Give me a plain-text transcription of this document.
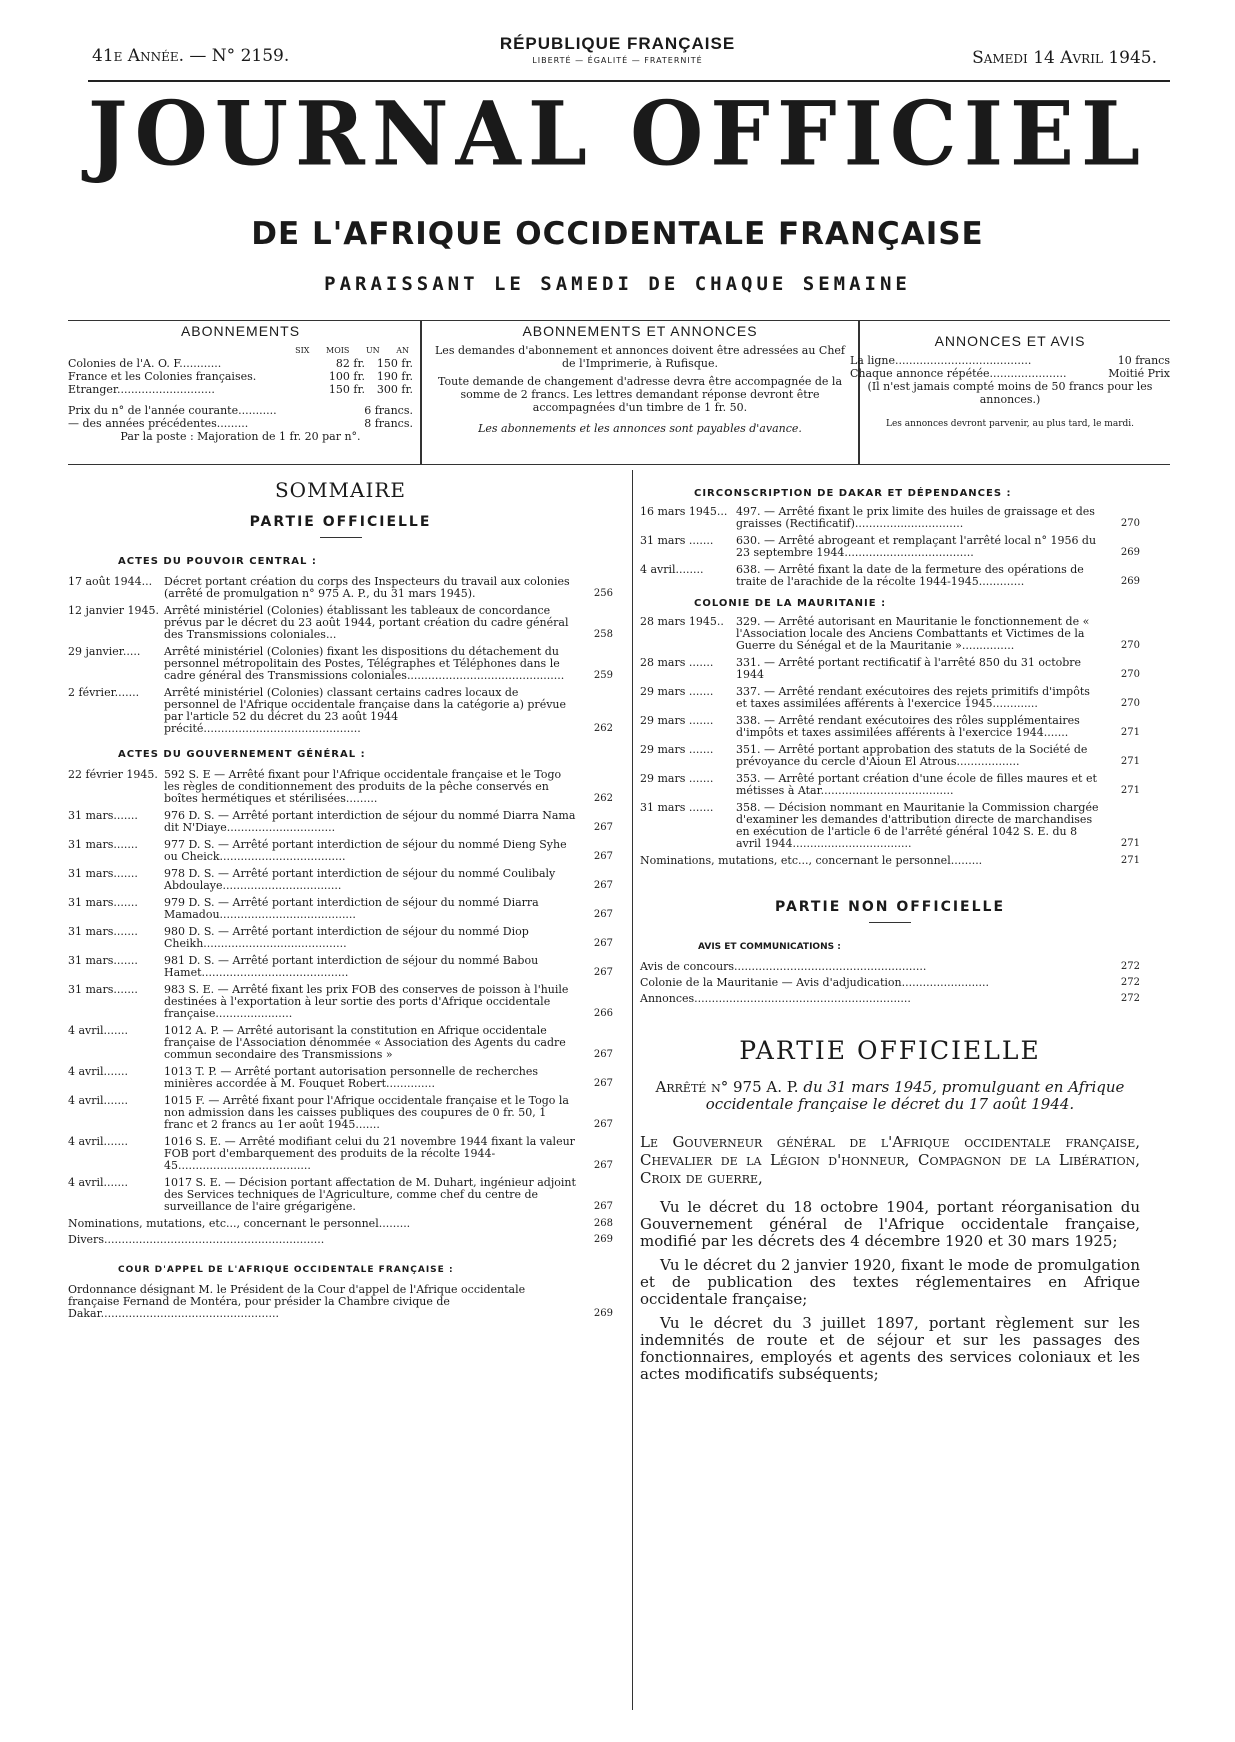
41e Année. — N° 2159.
RÉPUBLIQUE FRANÇAISE
LIBERTÉ — ÉGALITÉ — FRATERNITÉ	Samedi 14 Avril 1945.
JOURNAL OFFICIEL
DE L'AFRIQUE OCCIDENTALE FRANÇAISE
PARAISSANT LE SAMEDI DE CHAQUE SEMAINE
ABONNEMENTS
SIX MOIS UN AN
Colonies de l'A. O. F............	82 fr.	150 fr.
France et les Colonies françaises.	100 fr.	190 fr.
Etranger............................	150 fr.	300 fr.
Prix du n° de l'année courante...........	6 francs.
— des années précédentes.........	8 francs.
Par la poste : Majoration de 1 fr. 20 par n°.
ABONNEMENTS ET ANNONCES
Les demandes d'abonnement et annonces doivent être adressées au Chef de l'Imprimerie, à Rufisque.
Toute demande de changement d'adresse devra être accompagnée de la somme de 2 francs. Les lettres demandant réponse devront être accompagnées d'un timbre de 1 fr. 50.
Les abonnements et les annonces sont payables d'avance.
ANNONCES ET AVIS
La ligne.......................................	10 francs
Chaque annonce répétée......................	Moitié Prix
(Il n'est jamais compté moins de 50 francs pour les annonces.)
Les annonces devront parvenir, au plus tard, le mardi.
SOMMAIRE
PARTIE OFFICIELLE
ACTES DU POUVOIR CENTRAL :
17 août 1944...	Décret portant création du corps des Inspecteurs du travail aux colonies (arrêté de promulgation n° 975 A. P., du 31 mars 1945).	256
12 janvier 1945. Arrêté ministériel (Colonies) établissant les tableaux de concordance prévus par le décret du 23 août 1944, portant création du cadre général des Transmissions coloniales...	258
29 janvier.....	Arrêté ministériel (Colonies) fixant les dispositions du détachement du personnel métropolitain des Postes, Télégraphes et Téléphones dans le cadre général des Transmissions coloniales.............................................	259
2 février.......	Arrêté ministériel (Colonies) classant certains cadres locaux de personnel de l'Afrique occidentale française dans la catégorie a) prévue par l'article 52 du décret du 23 août 1944 précité.............................................	262
ACTES DU GOUVERNEMENT GÉNÉRAL :
22 février 1945. 592 S. E — Arrêté fixant pour l'Afrique occidentale française et le Togo les règles de conditionnement des produits de la pêche conservés en boîtes hermétiques et stérilisées.........	262
31 mars.......	976 D. S. — Arrêté portant interdiction de séjour du nommé Diarra Nama dit N'Diaye...............................	267
31 mars.......	977 D. S. — Arrêté portant interdiction de séjour du nommé Dieng Syhe ou Cheick....................................	267
31 mars.......	978 D. S. — Arrêté portant interdiction de séjour du nommé Coulibaly Abdoulaye..................................	267
31 mars.......	979 D. S. — Arrêté portant interdiction de séjour du nommé Diarra Mamadou.......................................	267
31 mars.......	980 D. S. — Arrêté portant interdiction de séjour du nommé Diop Cheikh.........................................	267
31 mars.......	981 D. S. — Arrêté portant interdiction de séjour du nommé Babou Hamet..........................................	267
31 mars.......	983 S. E. — Arrêté fixant les prix FOB des conserves de poisson à l'huile destinées à l'exportation à leur sortie des ports d'Afrique occidentale française......................	266
4 avril.......	1012 A. P. — Arrêté autorisant la constitution en Afrique occidentale française de l'Association dénommée « Association des Agents du cadre commun secondaire des Transmissions »	267
4 avril.......	1013 T. P. — Arrêté portant autorisation personnelle de recherches minières accordée à M. Fouquet Robert..............	267
4 avril.......	1015 F. — Arrêté fixant pour l'Afrique occidentale française et le Togo la non admission dans les caisses publiques des coupures de 0 fr. 50, 1 franc et 2 francs au 1er août 1945.......	267
4 avril.......	1016 S. E. — Arrêté modifiant celui du 21 novembre 1944 fixant la valeur FOB port d'embarquement des produits de la récolte 1944-45......................................	267
4 avril.......	1017 S. E. — Décision portant affectation de M. Duhart, ingénieur adjoint des Services techniques de l'Agriculture, comme chef du centre de surveillance de l'aire grégarigène.	267
Nominations, mutations, etc..., concernant le personnel.........	268
Divers...............................................................	269
COUR D'APPEL DE L'AFRIQUE OCCIDENTALE FRANÇAISE :
Ordonnance désignant M. le Président de la Cour d'appel de l'Afrique occidentale française Fernand de Montéra, pour présider la Chambre civique de Dakar...................................................	269
CIRCONSCRIPTION DE DAKAR ET DÉPENDANCES :
16 mars 1945... 497. — Arrêté fixant le prix limite des huiles de graissage et des graisses (Rectificatif)...............................	270
31 mars .......	630. — Arrêté abrogeant et remplaçant l'arrêté local n° 1956 du 23 septembre 1944.....................................	269
4 avril........	638. — Arrêté fixant la date de la fermeture des opérations de traite de l'arachide de la récolte 1944-1945.............	269
COLONIE DE LA MAURITANIE :
28 mars 1945..	329. — Arrêté autorisant en Mauritanie le fonctionnement de « l'Association locale des Anciens Combattants et Victimes de la Guerre du Sénégal et de la Mauritanie »...............	270
28 mars .......	331. — Arrêté portant rectificatif à l'arrêté 850 du 31 octobre 1944	270
29 mars .......	337. — Arrêté rendant exécutoires des rejets primitifs d'impôts et taxes assimilées afférents à l'exercice 1945.............	270
29 mars .......	338. — Arrêté rendant exécutoires des rôles supplémentaires d'impôts et taxes assimilées afférents à l'exercice 1944.......	271
29 mars .......	351. — Arrêté portant approbation des statuts de la Société de prévoyance du cercle d'Aioun El Atrous..................	271
29 mars .......	353. — Arrêté portant création d'une école de filles maures et et métisses à Atar......................................	271
31 mars .......	358. — Décision nommant en Mauritanie la Commission chargée d'examiner les demandes d'attribution directe de marchandises en exécution de l'article 6 de l'arrêté général 1042 S. E. du 8 avril 1944..................................	271
Nominations, mutations, etc..., concernant le personnel.........	271
PARTIE NON OFFICIELLE
AVIS ET COMMUNICATIONS :
Avis de concours.......................................................	272
Colonie de la Mauritanie — Avis d'adjudication.........................	272
Annonces..............................................................	272
PARTIE OFFICIELLE
Arrêté n° 975 A. P. du 31 mars 1945, promulguant en Afrique occidentale française le décret du 17 août 1944.
Le Gouverneur général de l'Afrique occidentale française, Chevalier de la Légion d'honneur, Compagnon de la Libération, Croix de guerre,
Vu le décret du 18 octobre 1904, portant réorganisation du Gouvernement général de l'Afrique occidentale française, modifié par les décrets des 4 décembre 1920 et 30 mars 1925;
Vu le décret du 2 janvier 1920, fixant le mode de promulgation et de publication des textes réglementaires en Afrique occidentale française;
Vu le décret du 3 juillet 1897, portant règlement sur les indemnités de route et de séjour et sur les passages des fonctionnaires, employés et agents des services coloniaux et les actes modificatifs subséquents;
